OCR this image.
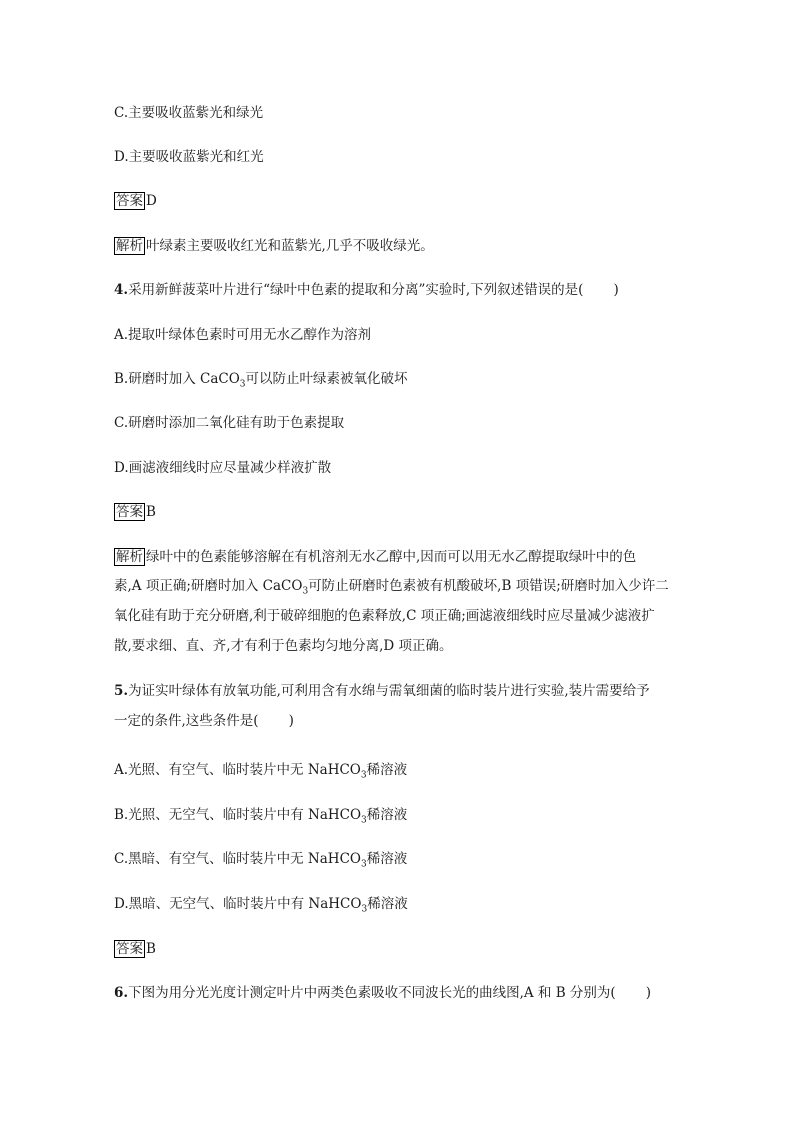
C.主要吸收蓝紫光和绿光
D.主要吸收蓝紫光和红光
答案 D
解析 叶绿素主要吸收红光和蓝紫光,几乎不吸收绿光。
4.采用新鲜菠菜叶片进行“绿叶中色素的提取和分离”实验时,下列叙述错误的是( )
A.提取叶绿体色素时可用无水乙醇作为溶剂
B.研磨时加入 CaCO$_3$可以防止叶绿素被氧化破坏
C.研磨时添加二氧化硅有助于色素提取
D.画滤液细线时应尽量减少样液扩散
答案 B
解析 绿叶中的色素能够溶解在有机溶剂无水乙醇中,因而可以用无水乙醇提取绿叶中的色
素,A 项正确;研磨时加入 CaCO$_3$可防止研磨时色素被有机酸破坏,B 项错误;研磨时加入少许二
氧化硅有助于充分研磨,利于破碎细胞的色素释放,C 项正确;画滤液细线时应尽量减少滤液扩
散,要求细、直、齐,才有利于色素均匀地分离,D 项正确。
5.为证实叶绿体有放氧功能,可利用含有水绵与需氧细菌的临时装片进行实验,装片需要给予
一定的条件,这些条件是( )
A.光照、有空气、临时装片中无 NaHCO$_3$稀溶液
B.光照、无空气、临时装片中有 NaHCO$_3$稀溶液
C.黑暗、有空气、临时装片中无 NaHCO$_3$稀溶液
D.黑暗、无空气、临时装片中有 NaHCO$_3$稀溶液
答案 B
6.下图为用分光光度计测定叶片中两类色素吸收不同波长光的曲线图,A 和 B 分别为( )
